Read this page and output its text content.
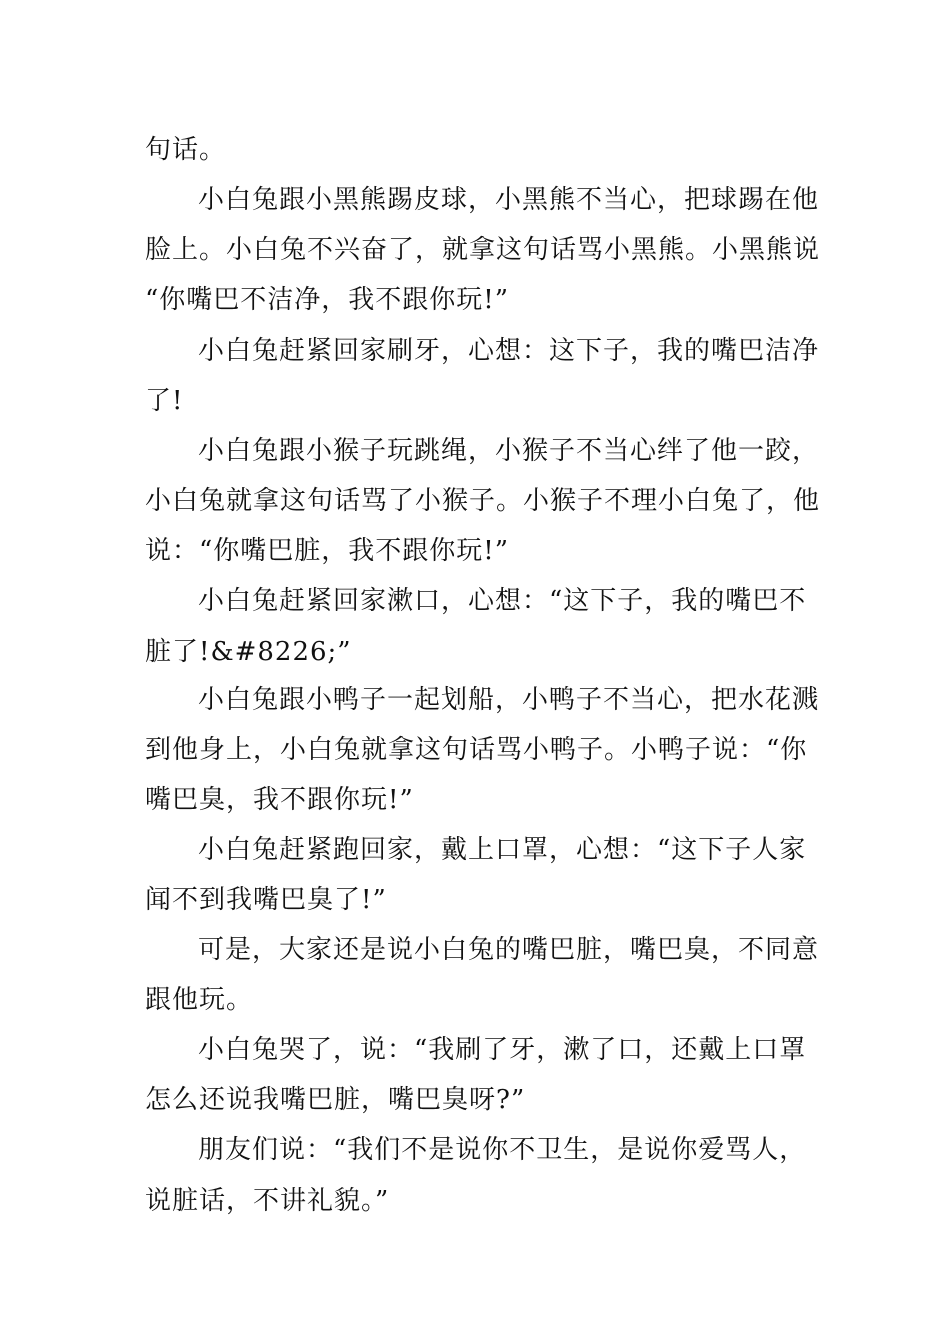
句话。
小白兔跟小黑熊踢皮球，小黑熊不当心，把球踢在他
脸上。小白兔不兴奋了，就拿这句话骂小黑熊。小黑熊说
“你嘴巴不洁净，我不跟你玩!”
小白兔赶紧回家刷牙，心想：这下子，我的嘴巴洁净
了!
小白兔跟小猴子玩跳绳，小猴子不当心绊了他一跤，
小白兔就拿这句话骂了小猴子。小猴子不理小白兔了，他
说：“你嘴巴脏，我不跟你玩!”
小白兔赶紧回家漱口，心想：“这下子，我的嘴巴不
脏了!&#8226;”
小白兔跟小鸭子一起划船，小鸭子不当心，把水花溅
到他身上，小白兔就拿这句话骂小鸭子。小鸭子说：“你
嘴巴臭，我不跟你玩!”
小白兔赶紧跑回家，戴上口罩，心想：“这下子人家
闻不到我嘴巴臭了!”
可是，大家还是说小白兔的嘴巴脏，嘴巴臭，不同意
跟他玩。
小白兔哭了，说：“我刷了牙，漱了口，还戴上口罩
怎么还说我嘴巴脏，嘴巴臭呀?”
朋友们说：“我们不是说你不卫生，是说你爱骂人，
说脏话，不讲礼貌。”
